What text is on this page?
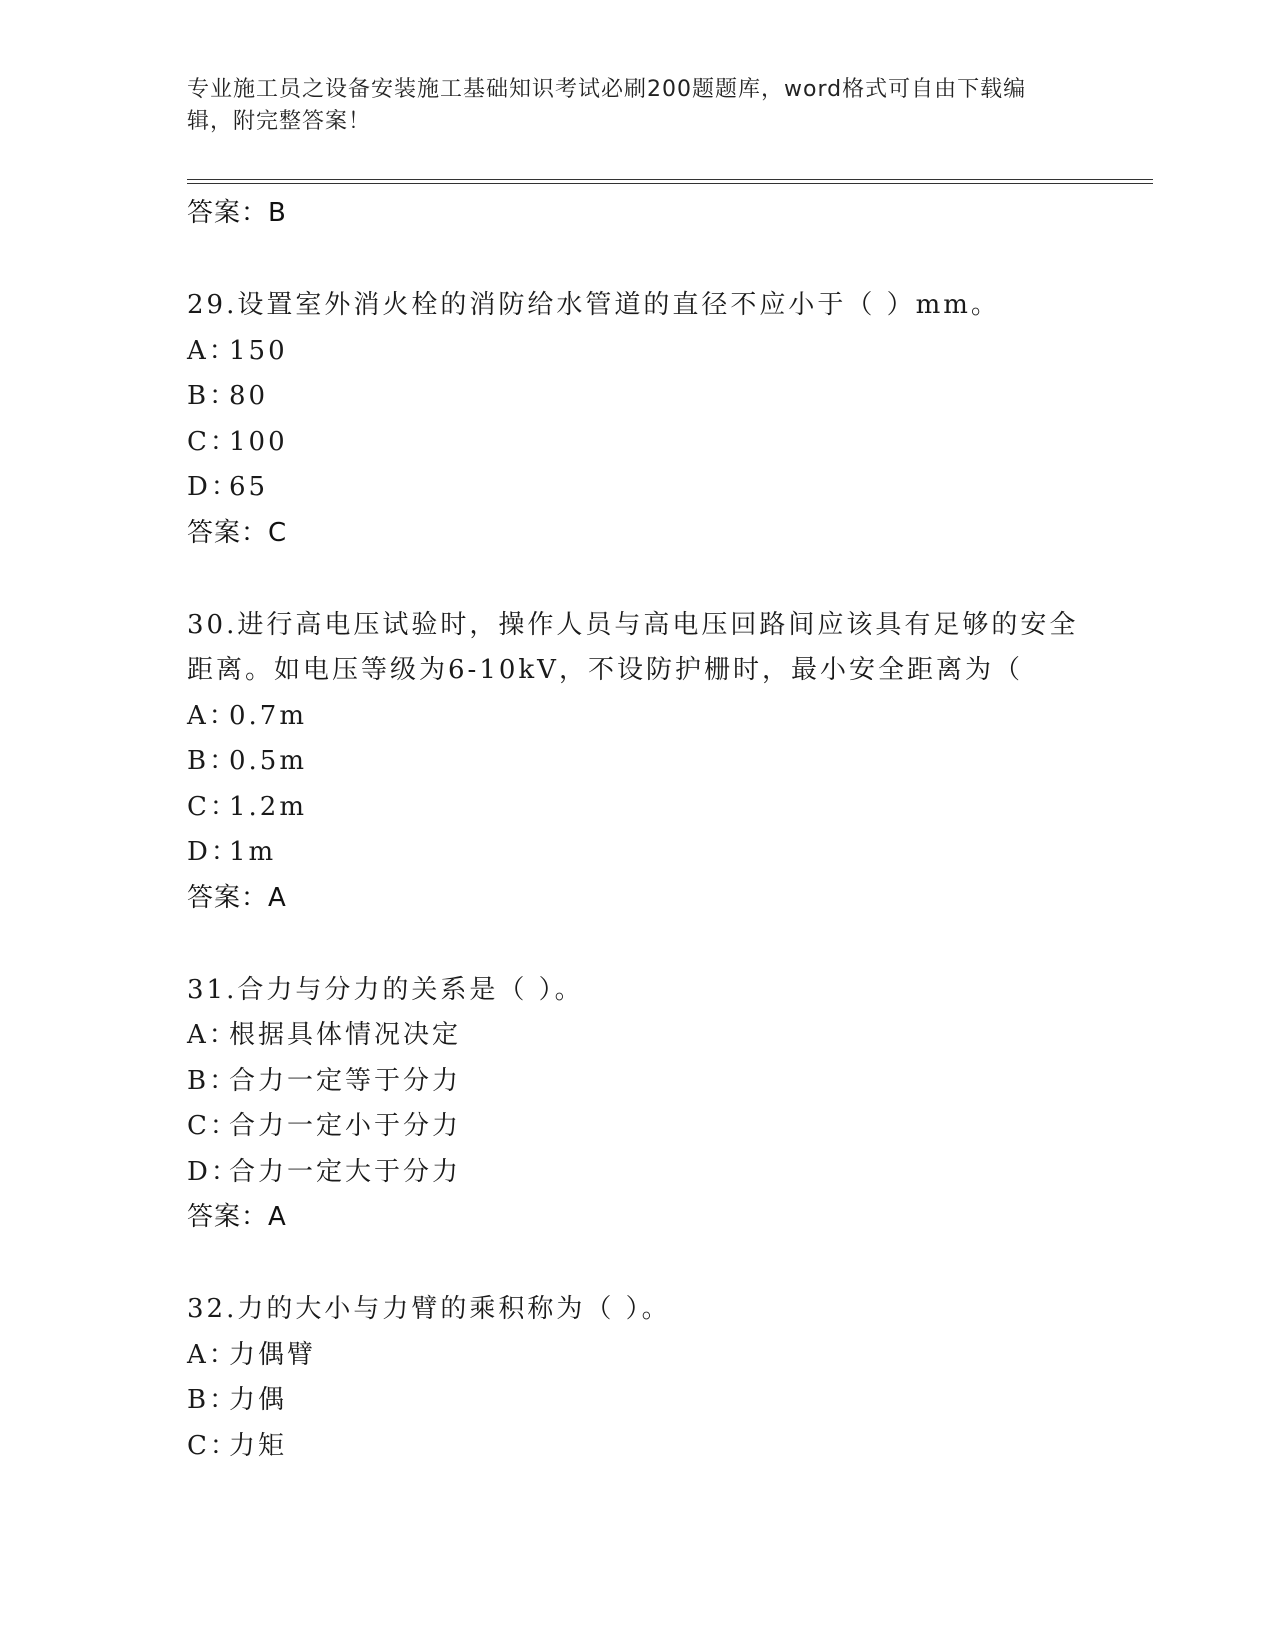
专业施工员之设备安装施工基础知识考试必刷200题题库，word格式可自由下载编辑，附完整答案！
答案：B
29.设置室外消火栓的消防给水管道的直径不应小于（ ）mm。
A：150
B：80
C：100
D：65
答案：C
30.进行高电压试验时，操作人员与高电压回路间应该具有足够的安全距离。如电压等级为6-10kV，不设防护栅时，最小安全距离为（
A：0.7m
B：0.5m
C：1.2m
D：1m
答案：A
31.合力与分力的关系是（ ）。
A：根据具体情况决定
B：合力一定等于分力
C：合力一定小于分力
D：合力一定大于分力
答案：A
32.力的大小与力臂的乘积称为（ ）。
A：力偶臂
B：力偶
C：力矩
